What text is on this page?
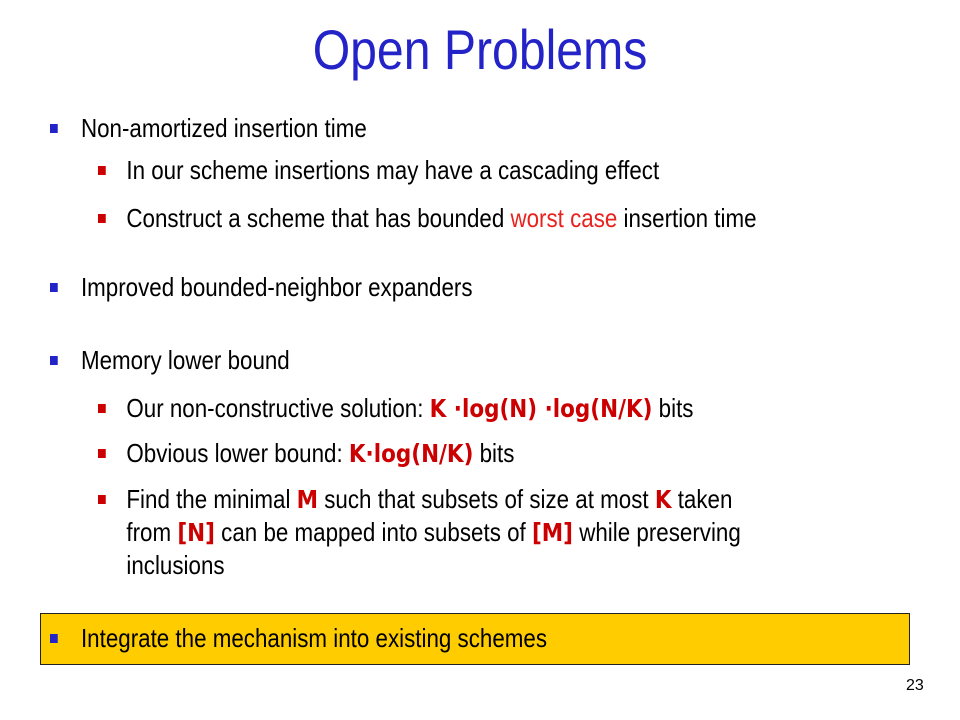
Open Problems
Non-amortized insertion time
In our scheme insertions may have a cascading effect
Construct a scheme that has bounded worst case insertion time
Improved bounded-neighbor expanders
Memory lower bound
Our non-constructive solution: K ∙log(N) ∙log(N/K) bits
Obvious lower bound: K∙log(N/K) bits
Find the minimal M such that subsets of size at most K taken
from [N] can be mapped into subsets of [M] while preserving
inclusions
Integrate the mechanism into existing schemes
23
